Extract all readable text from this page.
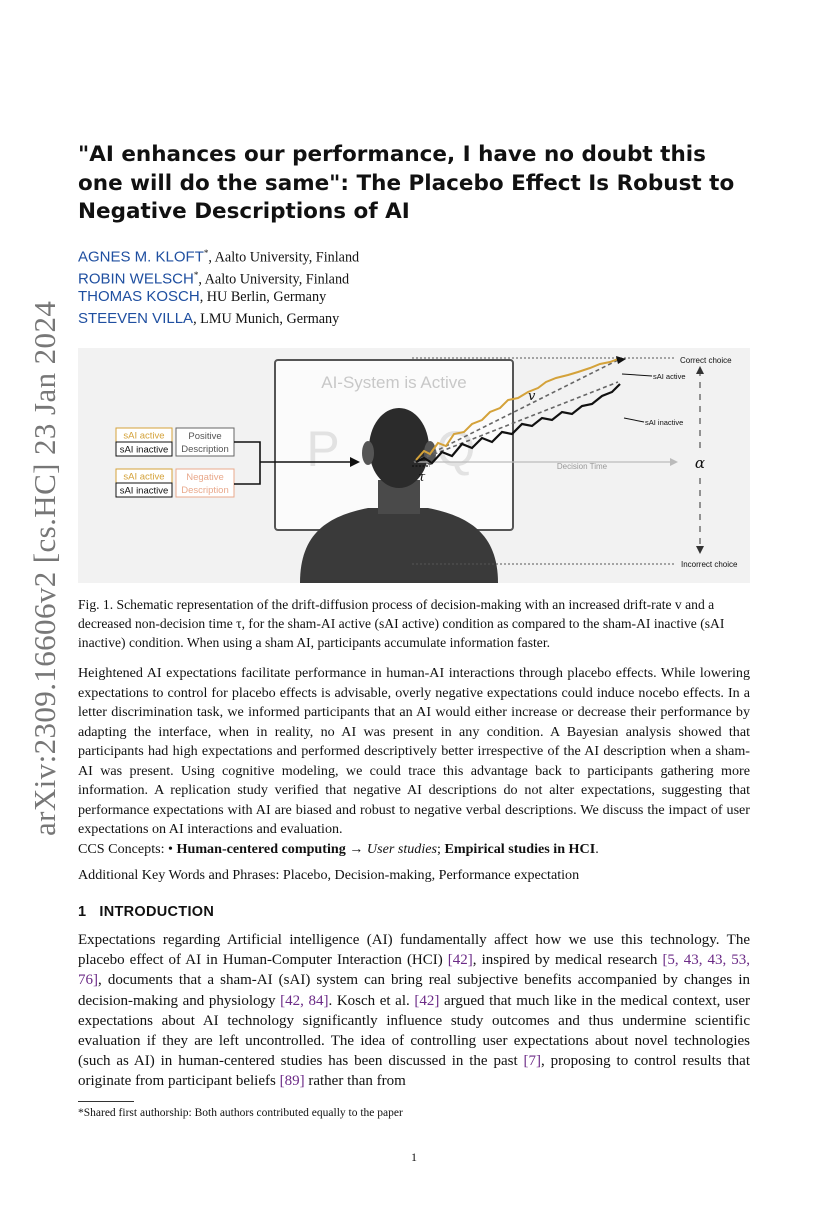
arXiv:2309.16606v2 [cs.HC] 23 Jan 2024
"AI enhances our performance, I have no doubt this one will do the same": The Placebo Effect Is Robust to Negative Descriptions of AI
AGNES M. KLOFT*, Aalto University, Finland
ROBIN WELSCH*, Aalto University, Finland
THOMAS KOSCH, HU Berlin, Germany
STEEVEN VILLA, LMU Munich, Germany
AI-System is Active
P Q
sAI active
sAI inactive
Positive
Description
sAI active
sAI inactive
Negative
Description
Decision Time
τ
v
sAI active
sAI inactive
Correct choice
Incorrect choice
α
Fig. 1. Schematic representation of the drift-diffusion process of decision-making with an increased drift-rate v and a decreased non-decision time τ, for the sham-AI active (sAI active) condition as compared to the sham-AI inactive (sAI inactive) condition. When using a sham AI, participants accumulate information faster.
Heightened AI expectations facilitate performance in human-AI interactions through placebo effects. While lowering expectations to control for placebo effects is advisable, overly negative expectations could induce nocebo effects. In a letter discrimination task, we informed participants that an AI would either increase or decrease their performance by adapting the interface, when in reality, no AI was present in any condition. A Bayesian analysis showed that participants had high expectations and performed descriptively better irrespective of the AI description when a sham-AI was present. Using cognitive modeling, we could trace this advantage back to participants gathering more information. A replication study verified that negative AI descriptions do not alter expectations, suggesting that performance expectations with AI are biased and robust to negative verbal descriptions. We discuss the impact of user expectations on AI interactions and evaluation.
CCS Concepts: • Human-centered computing → User studies; Empirical studies in HCI.
Additional Key Words and Phrases: Placebo, Decision-making, Performance expectation
1 INTRODUCTION
Expectations regarding Artificial intelligence (AI) fundamentally affect how we use this technology. The placebo effect of AI in Human-Computer Interaction (HCI) [42], inspired by medical research [5, 43, 43, 53, 76], documents that a sham-AI (sAI) system can bring real subjective benefits accompanied by changes in decision-making and physiology [42, 84]. Kosch et al. [42] argued that much like in the medical context, user expectations about AI technology significantly influence study outcomes and thus undermine scientific evaluation if they are left uncontrolled. The idea of controlling user expectations about novel technologies (such as AI) in human-centered studies has been discussed in the past [7], proposing to control results that originate from participant beliefs [89] rather than from
*Shared first authorship: Both authors contributed equally to the paper
1
